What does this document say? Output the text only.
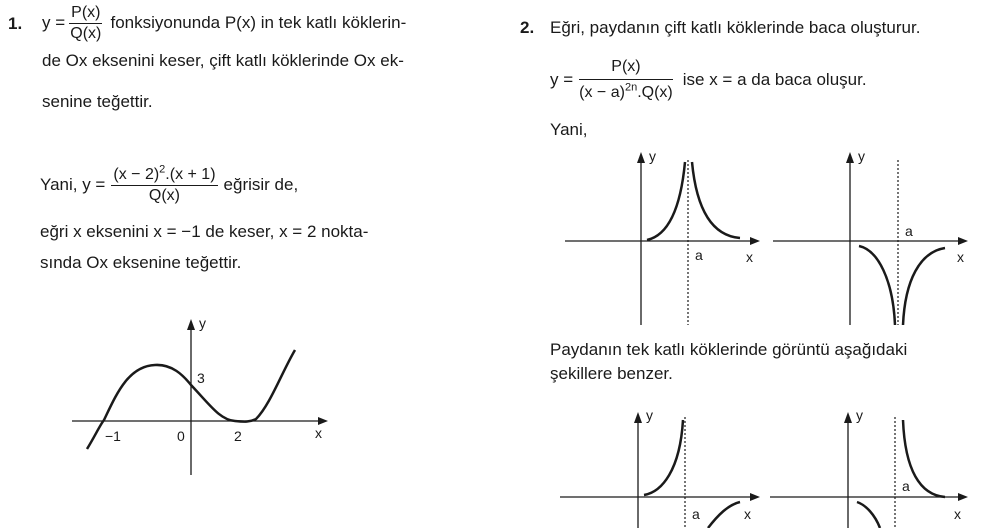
1. $y = \frac{P(x)}{Q(x)}$ fonksiyonunda P(x) in tek katlı köklerin-
de Ox eksenini keser, çift katlı köklerinde Ox ek-
senine teğettir.
Yani, $y = \frac{(x - 2)^2.(x + 1)}{Q(x)}$ eğrisir de,
eğri x eksenini x = −1 de keser, x = 2 nokta-
sında Ox eksenine teğettir.
y
x
−1	0	2
3
2. Eğri, paydanın çift katlı köklerinde baca oluşturur.
$y = \frac{P(x)}{(x - a)^{2n}.Q(x)}$ ise x = a da baca oluşur.
Yani,
Paydanın tek katlı köklerinde görüntü aşağıdaki
şekillere benzer.
y
x
a
y
x
a
y
x
a
y
x
a
